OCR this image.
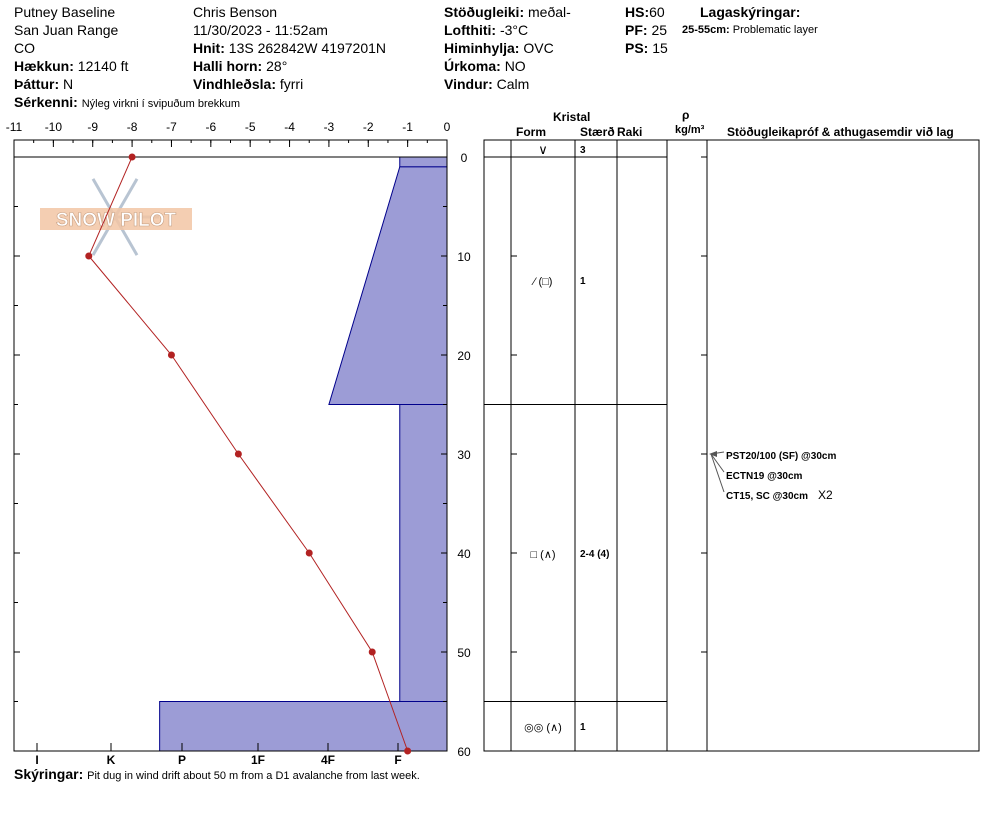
Putney Baseline
San Juan Range
CO
Hækkun: 12140 ft
Þáttur: N
Sérkenni: Nýleg virkni í svipuðum brekkum
Chris Benson
11/30/2023 - 11:52am
Hnit: 13S 262842W 4197201N
Halli horn: 28°
Vindhleðsla: fyrri
Stöðugleiki: meðal-
Lofthiti: -3°C
Himinhylja: OVC
Úrkoma: NO
Vindur: Calm
HS:60
PF: 25
PS: 15
Lagaskýringar:
25-55cm: Problematic layer
Kristal
Form	Stærð Raki
ρ
kg/m³ Stöðugleikapróf & athugasemdir við lag
Skýringar: Pit dug in wind drift about 50 m from a D1 avalanche from last week.
SNOW PILOT
-11 -10 -9 -8 -7 -6 -5 -4 -3 -2 -1	0
0
10
20
30
40
50
60
I	K	P	1F	4F	F
∨	3
⁄ (□)	1
□ (∧) 2-4 (4)
◎◎ (∧) 1
PST20/100 (SF) @30cm
ECTN19 @30cm
CT15, SC @30cm X2
